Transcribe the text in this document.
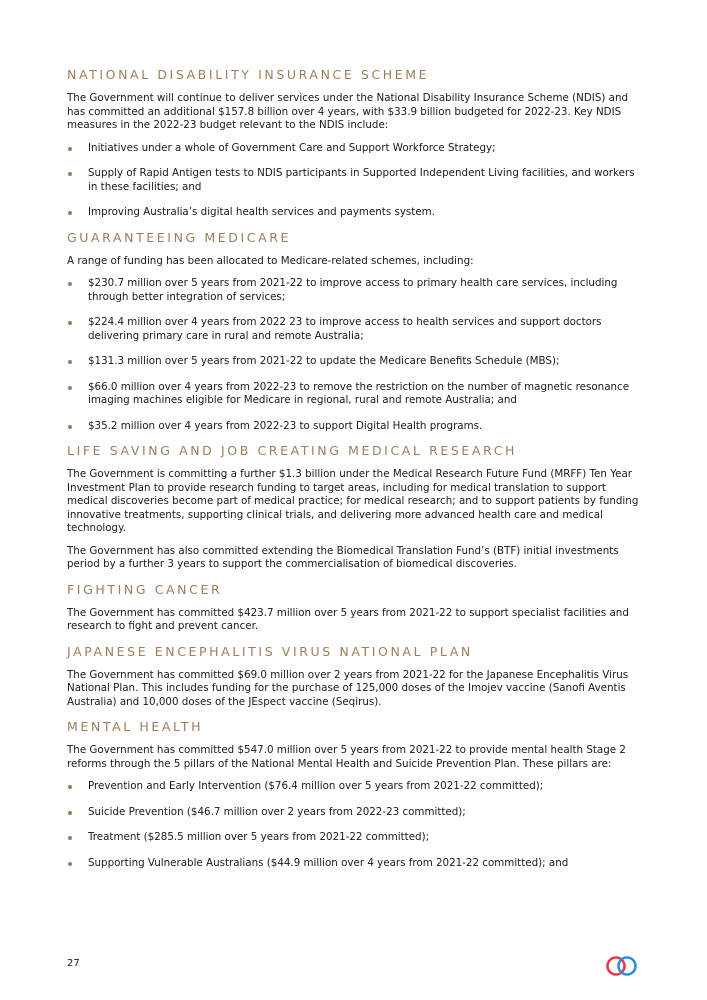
NATIONAL DISABILITY INSURANCE SCHEME

The Government will continue to deliver services under the National Disability Insurance Scheme (NDIS) and has committed an additional $157.8 billion over 4 years, with $33.9 billion budgeted for 2022-23. Key NDIS measures in the 2022-23 budget relevant to the NDIS include:

Initiatives under a whole of Government Care and Support Workforce Strategy;
Supply of Rapid Antigen tests to NDIS participants in Supported Independent Living facilities, and workers in these facilities; and
Improving Australia’s digital health services and payments system.
GUARANTEEING MEDICARE

A range of funding has been allocated to Medicare-related schemes, including:

$230.7 million over 5 years from 2021-22 to improve access to primary health care services, including through better integration of services;
$224.4 million over 4 years from 2022 23 to improve access to health services and support doctors delivering primary care in rural and remote Australia;
$131.3 million over 5 years from 2021-22 to update the Medicare Benefits Schedule (MBS);
$66.0 million over 4 years from 2022-23 to remove the restriction on the number of magnetic resonance imaging machines eligible for Medicare in regional, rural and remote Australia; and
$35.2 million over 4 years from 2022-23 to support Digital Health programs.
LIFE SAVING AND JOB CREATING MEDICAL RESEARCH

The Government is committing a further $1.3 billion under the Medical Research Future Fund (MRFF) Ten Year Investment Plan to provide research funding to target areas, including for medical translation to support medical discoveries become part of medical practice; for medical research; and to support patients by funding innovative treatments, supporting clinical trials, and delivering more advanced health care and medical technology.

The Government has also committed extending the Biomedical Translation Fund’s (BTF) initial investments period by a further 3 years to support the commercialisation of biomedical discoveries.

FIGHTING CANCER

The Government has committed $423.7 million over 5 years from 2021-22 to support specialist facilities and research to fight and prevent cancer.

JAPANESE ENCEPHALITIS VIRUS NATIONAL PLAN

The Government has committed $69.0 million over 2 years from 2021-22 for the Japanese Encephalitis Virus National Plan. This includes funding for the purchase of 125,000 doses of the Imojev vaccine (Sanofi Aventis Australia) and 10,000 doses of the JEspect vaccine (Seqirus).

MENTAL HEALTH

The Government has committed $547.0 million over 5 years from 2021-22 to provide mental health Stage 2 reforms through the 5 pillars of the National Mental Health and Suicide Prevention Plan. These pillars are:

Prevention and Early Intervention ($76.4 million over 5 years from 2021-22 committed);
Suicide Prevention ($46.7 million over 2 years from 2022-23 committed);
Treatment ($285.5 million over 5 years from 2021-22 committed);
Supporting Vulnerable Australians ($44.9 million over 4 years from 2021-22 committed); and
27
